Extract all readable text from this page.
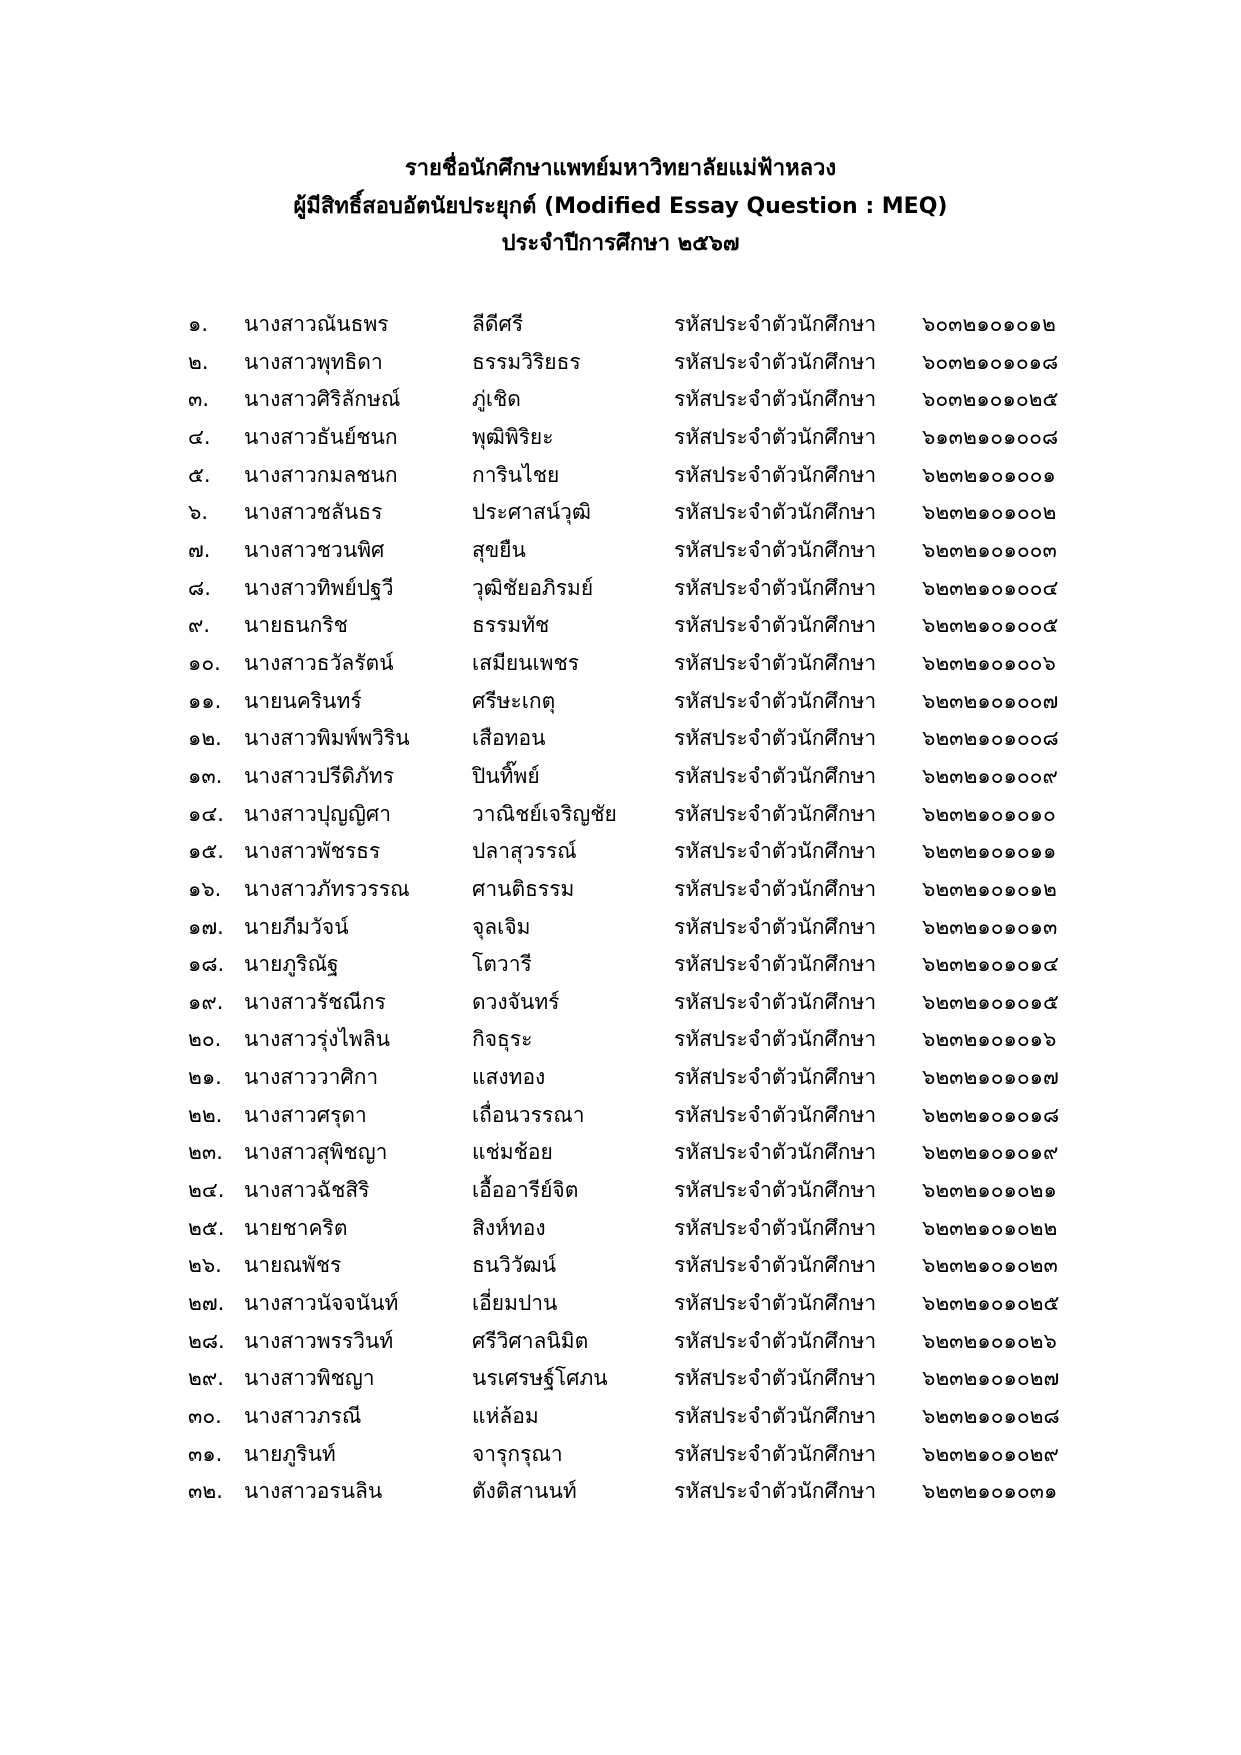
รายชื่อนักศึกษาแพทย์มหาวิทยาลัยแม่ฟ้าหลวง
ผู้มีสิทธิ์สอบอัตนัยประยุกต์ (Modified Essay Question : MEQ)
ประจำปีการศึกษา ๒๕๖๗
๑. นางสาวณันธพร	ลีดีศรี	รหัสประจำตัวนักศึกษา ๖๐๓๒๑๐๑๐๑๒
๒. นางสาวพุทธิดา	ธรรมวิริยธร	รหัสประจำตัวนักศึกษา ๖๐๓๒๑๐๑๐๑๘
๓. นางสาวศิริลักษณ์	ภู่เชิด	รหัสประจำตัวนักศึกษา ๖๐๓๒๑๐๑๐๒๕
๔. นางสาวธันย์ชนก	พุฒิพิริยะ	รหัสประจำตัวนักศึกษา ๖๑๓๒๑๐๑๐๐๘
๕. นางสาวกมลชนก	การินไชย	รหัสประจำตัวนักศึกษา ๖๒๓๒๑๐๑๐๐๑
๖. นางสาวชลันธร	ประศาสน์วุฒิ	รหัสประจำตัวนักศึกษา ๖๒๓๒๑๐๑๐๐๒
๗. นางสาวชวนพิศ	สุขยืน	รหัสประจำตัวนักศึกษา ๖๒๓๒๑๐๑๐๐๓
๘. นางสาวทิพย์ปฐวี	วุฒิชัยอภิรมย์	รหัสประจำตัวนักศึกษา ๖๒๓๒๑๐๑๐๐๔
๙. นายธนกริช	ธรรมทัช	รหัสประจำตัวนักศึกษา ๖๒๓๒๑๐๑๐๐๕
๑๐. นางสาวธวัลรัตน์	เสมียนเพชร	รหัสประจำตัวนักศึกษา ๖๒๓๒๑๐๑๐๐๖
๑๑. นายนครินทร์	ศรีษะเกตุ	รหัสประจำตัวนักศึกษา ๖๒๓๒๑๐๑๐๐๗
๑๒. นางสาวพิมพ์พวิริน	เสือทอน	รหัสประจำตัวนักศึกษา ๖๒๓๒๑๐๑๐๐๘
๑๓. นางสาวปรีดิภัทร	ปินทิ๊พย์	รหัสประจำตัวนักศึกษา ๖๒๓๒๑๐๑๐๐๙
๑๔. นางสาวปุญญิศา	วาณิชย์เจริญชัย	รหัสประจำตัวนักศึกษา ๖๒๓๒๑๐๑๐๑๐
๑๕. นางสาวพัชรธร	ปลาสุวรรณ์	รหัสประจำตัวนักศึกษา ๖๒๓๒๑๐๑๐๑๑
๑๖. นางสาวภัทรวรรณ	ศานติธรรม	รหัสประจำตัวนักศึกษา ๖๒๓๒๑๐๑๐๑๒
๑๗. นายภีมวัจน์	จุลเจิม	รหัสประจำตัวนักศึกษา ๖๒๓๒๑๐๑๐๑๓
๑๘. นายภูริณัฐ	โตวารี	รหัสประจำตัวนักศึกษา ๖๒๓๒๑๐๑๐๑๔
๑๙. นางสาวรัชณีกร	ดวงจันทร์	รหัสประจำตัวนักศึกษา ๖๒๓๒๑๐๑๐๑๕
๒๐. นางสาวรุ่งไพลิน	กิจธุระ	รหัสประจำตัวนักศึกษา ๖๒๓๒๑๐๑๐๑๖
๒๑. นางสาววาศิกา	แสงทอง	รหัสประจำตัวนักศึกษา ๖๒๓๒๑๐๑๐๑๗
๒๒. นางสาวศรุดา	เถื่อนวรรณา	รหัสประจำตัวนักศึกษา ๖๒๓๒๑๐๑๐๑๘
๒๓. นางสาวสุพิชญา	แช่มช้อย	รหัสประจำตัวนักศึกษา ๖๒๓๒๑๐๑๐๑๙
๒๔. นางสาวฉัชสิริ	เอื้ออารีย์จิต	รหัสประจำตัวนักศึกษา ๖๒๓๒๑๐๑๐๒๑
๒๕. นายชาคริต	สิงห์ทอง	รหัสประจำตัวนักศึกษา ๖๒๓๒๑๐๑๐๒๒
๒๖. นายณพัชร	ธนวิวัฒน์	รหัสประจำตัวนักศึกษา ๖๒๓๒๑๐๑๐๒๓
๒๗. นางสาวนัจจนันท์	เอี่ยมปาน	รหัสประจำตัวนักศึกษา ๖๒๓๒๑๐๑๐๒๕
๒๘. นางสาวพรรวินท์	ศรีวิศาลนิมิต	รหัสประจำตัวนักศึกษา ๖๒๓๒๑๐๑๐๒๖
๒๙. นางสาวพิชญา	นรเศรษฐ์โศภน	รหัสประจำตัวนักศึกษา ๖๒๓๒๑๐๑๐๒๗
๓๐. นางสาวภรณี	แห่ล้อม	รหัสประจำตัวนักศึกษา ๖๒๓๒๑๐๑๐๒๘
๓๑. นายภูรินท์	จารุกรุณา	รหัสประจำตัวนักศึกษา ๖๒๓๒๑๐๑๐๒๙
๓๒. นางสาวอรนลิน	ตังติสานนท์	รหัสประจำตัวนักศึกษา ๖๒๓๒๑๐๑๐๓๑
